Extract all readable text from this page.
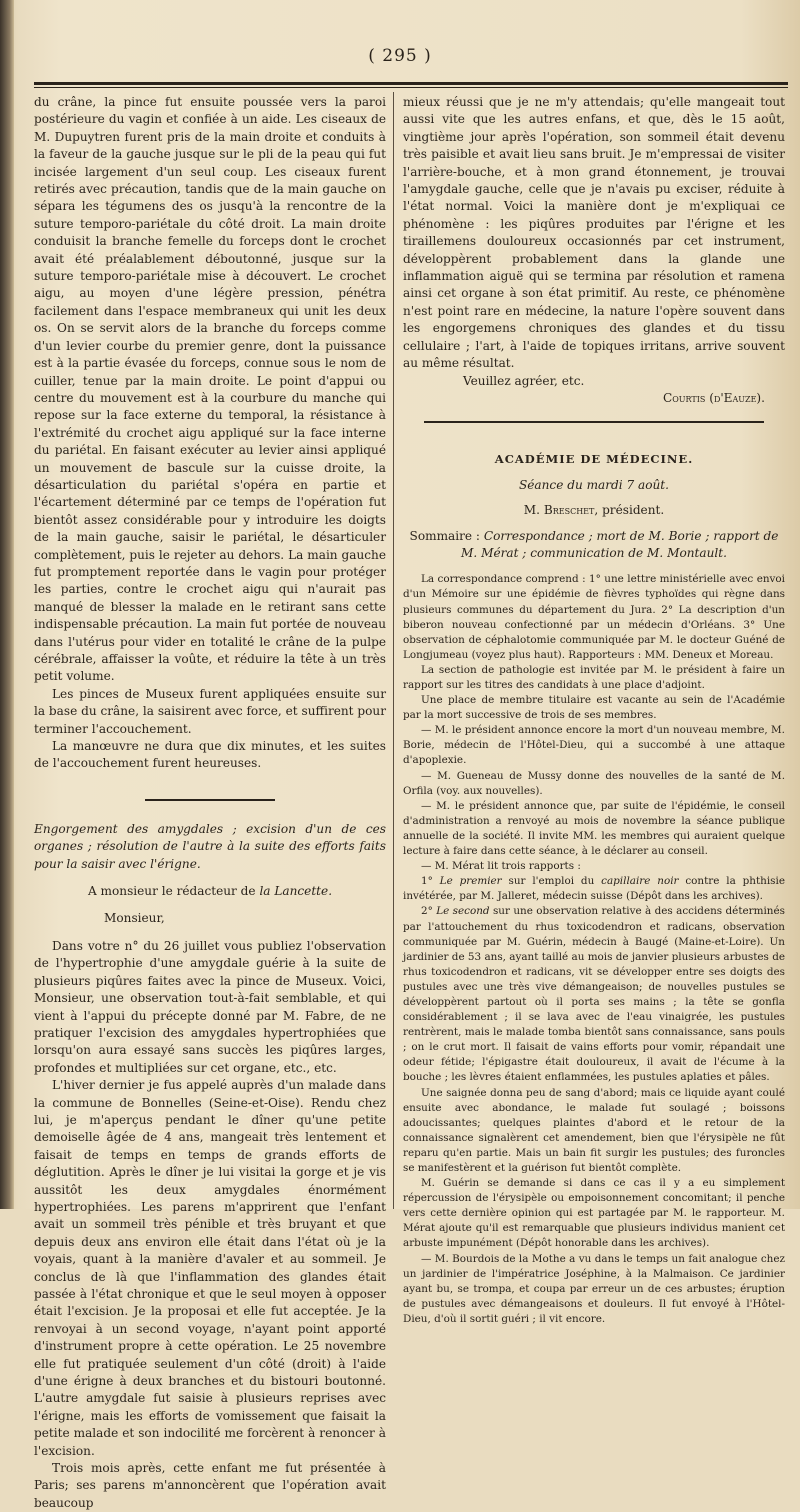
( 295 )

du crâne, la pince fut ensuite poussée vers la paroi postérieure du vagin et confiée à un aide. Les ciseaux de M. Dupuytren furent pris de la main droite et conduits à la faveur de la gauche jusque sur le pli de la peau qui fut incisée largement d'un seul coup. Les ciseaux furent retirés avec précaution, tandis que de la main gauche on sépara les tégumens des os jusqu'à la rencontre de la suture temporo-pariétale du côté droit. La main droite conduisit la branche femelle du forceps dont le crochet avait été préalablement déboutonné, jusque sur la suture temporo-pariétale mise à découvert. Le crochet aigu, au moyen d'une légère pression, pénétra facilement dans l'espace membraneux qui unit les deux os. On se servit alors de la branche du forceps comme d'un levier courbe du premier genre, dont la puissance est à la partie évasée du forceps, connue sous le nom de cuiller, tenue par la main droite. Le point d'appui ou centre du mouvement est à la courbure du manche qui repose sur la face externe du temporal, la résistance à l'extrémité du crochet aigu appliqué sur la face interne du pariétal. En faisant exécuter au levier ainsi appliqué un mouvement de bascule sur la cuisse droite, la désarticulation du pariétal s'opéra en partie et l'écartement déterminé par ce temps de l'opération fut bientôt assez considérable pour y introduire les doigts de la main gauche, saisir le pariétal, le désarticuler complètement, puis le rejeter au dehors. La main gauche fut promptement reportée dans le vagin pour protéger les parties, contre le crochet aigu qui n'aurait pas manqué de blesser la malade en le retirant sans cette indispensable précaution. La main fut portée de nouveau dans l'utérus pour vider en totalité le crâne de la pulpe cérébrale, affaisser la voûte, et réduire la tête à un très petit volume.

Les pinces de Museux furent appliquées ensuite sur la base du crâne, la saisirent avec force, et suffirent pour terminer l'accouchement.

La manœuvre ne dura que dix minutes, et les suites de l'accouchement furent heureuses.

Engorgement des amygdales ; excision d'un de ces organes ; résolution de l'autre à la suite des efforts faits pour la saisir avec l'érigne.

A monsieur le rédacteur de la Lancette.

Monsieur,

Dans votre n° du 26 juillet vous publiez l'observation de l'hypertrophie d'une amygdale guérie à la suite de plusieurs piqûres faites avec la pince de Museux. Voici, Monsieur, une observation tout-à-fait semblable, et qui vient à l'appui du précepte donné par M. Fabre, de ne pratiquer l'excision des amygdales hypertrophiées que lorsqu'on aura essayé sans succès les piqûres larges, profondes et multipliées sur cet organe, etc., etc.

L'hiver dernier je fus appelé auprès d'un malade dans la commune de Bonnelles (Seine-et-Oise). Rendu chez lui, je m'aperçus pendant le dîner qu'une petite demoiselle âgée de 4 ans, mangeait très lentement et faisait de temps en temps de grands efforts de déglutition. Après le dîner je lui visitai la gorge et je vis aussitôt les deux amygdales énormément hypertrophiées. Les parens m'apprirent que l'enfant avait un sommeil très pénible et très bruyant et que depuis deux ans environ elle était dans l'état où je la voyais, quant à la manière d'avaler et au sommeil. Je conclus de là que l'inflammation des glandes était passée à l'état chronique et que le seul moyen à opposer était l'excision. Je la proposai et elle fut acceptée. Je la renvoyai à un second voyage, n'ayant point apporté d'instrument propre à cette opération. Le 25 novembre elle fut pratiquée seulement d'un côté (droit) à l'aide d'une érigne à deux branches et du bistouri boutonné. L'autre amygdale fut saisie à plusieurs reprises avec l'érigne, mais les efforts de vomissement que faisait la petite malade et son indocilité me forcèrent à renoncer à l'excision.

Trois mois après, cette enfant me fut présentée à Paris; ses parens m'annoncèrent que l'opération avait beaucoup

mieux réussi que je ne m'y attendais; qu'elle mangeait tout aussi vite que les autres enfans, et que, dès le 15 août, vingtième jour après l'opération, son sommeil était devenu très paisible et avait lieu sans bruit. Je m'empressai de visiter l'arrière-bouche, et à mon grand étonnement, je trouvai l'amygdale gauche, celle que je n'avais pu exciser, réduite à l'état normal. Voici la manière dont je m'expliquai ce phénomène : les piqûres produites par l'érigne et les tiraillemens douloureux occasionnés par cet instrument, développèrent probablement dans la glande une inflammation aiguë qui se termina par résolution et ramena ainsi cet organe à son état primitif. Au reste, ce phénomène n'est point rare en médecine, la nature l'opère souvent dans les engorgemens chroniques des glandes et du tissu cellulaire ; l'art, à l'aide de topiques irritans, arrive souvent au même résultat.

Veuillez agréer, etc.

Courtis (d'Eauze).

ACADÉMIE DE MÉDECINE.

Séance du mardi 7 août.

M. Breschet, président.

Sommaire : Correspondance ; mort de M. Borie ; rapport de M. Mérat ; communication de M. Montault.

La correspondance comprend : 1° une lettre ministérielle avec envoi d'un Mémoire sur une épidémie de fièvres typhoïdes qui règne dans plusieurs communes du département du Jura. 2° La description d'un biberon nouveau confectionné par un médecin d'Orléans. 3° Une observation de céphalotomie communiquée par M. le docteur Guéné de Longjumeau (voyez plus haut). Rapporteurs : MM. Deneux et Moreau.

La section de pathologie est invitée par M. le président à faire un rapport sur les titres des candidats à une place d'adjoint.

Une place de membre titulaire est vacante au sein de l'Académie par la mort successive de trois de ses membres.

— M. le président annonce encore la mort d'un nouveau membre, M. Borie, médecin de l'Hôtel-Dieu, qui a succombé à une attaque d'apoplexie.

— M. Gueneau de Mussy donne des nouvelles de la santé de M. Orfila (voy. aux nouvelles).

— M. le président annonce que, par suite de l'épidémie, le conseil d'administration a renvoyé au mois de novembre la séance publique annuelle de la société. Il invite MM. les membres qui auraient quelque lecture à faire dans cette séance, à le déclarer au conseil.

— M. Mérat lit trois rapports :

1° Le premier sur l'emploi du capillaire noir contre la phthisie invétérée, par M. Jalleret, médecin suisse (Dépôt dans les archives).

2° Le second sur une observation relative à des accidens déterminés par l'attouchement du rhus toxicodendron et radicans, observation communiquée par M. Guérin, médecin à Baugé (Maine-et-Loire). Un jardinier de 53 ans, ayant taillé au mois de janvier plusieurs arbustes de rhus toxicodendron et radicans, vit se développer entre ses doigts des pustules avec une très vive démangeaison; de nouvelles pustules se développèrent partout où il porta ses mains ; la tête se gonfla considérablement ; il se lava avec de l'eau vinaigrée, les pustules rentrèrent, mais le malade tomba bientôt sans connaissance, sans pouls ; on le crut mort. Il faisait de vains efforts pour vomir, répandait une odeur fétide; l'épigastre était douloureux, il avait de l'écume à la bouche ; les lèvres étaient enflammées, les pustules aplaties et pâles.

Une saignée donna peu de sang d'abord; mais ce liquide ayant coulé ensuite avec abondance, le malade fut soulagé ; boissons adoucissantes; quelques plaintes d'abord et le retour de la connaissance signalèrent cet amendement, bien que l'érysipèle ne fût reparu qu'en partie. Mais un bain fit surgir les pustules; des furoncles se manifestèrent et la guérison fut bientôt complète.

M. Guérin se demande si dans ce cas il y a eu simplement répercussion de l'érysipèle ou empoisonnement concomitant; il penche vers cette dernière opinion qui est partagée par M. le rapporteur. M. Mérat ajoute qu'il est remarquable que plusieurs individus manient cet arbuste impunément (Dépôt honorable dans les archives).

— M. Bourdois de la Mothe a vu dans le temps un fait analogue chez un jardinier de l'impératrice Joséphine, à la Malmaison. Ce jardinier ayant bu, se trompa, et coupa par erreur un de ces arbustes; éruption de pustules avec démangeaisons et douleurs. Il fut envoyé à l'Hôtel-Dieu, d'où il sortit guéri ; il vit encore.
